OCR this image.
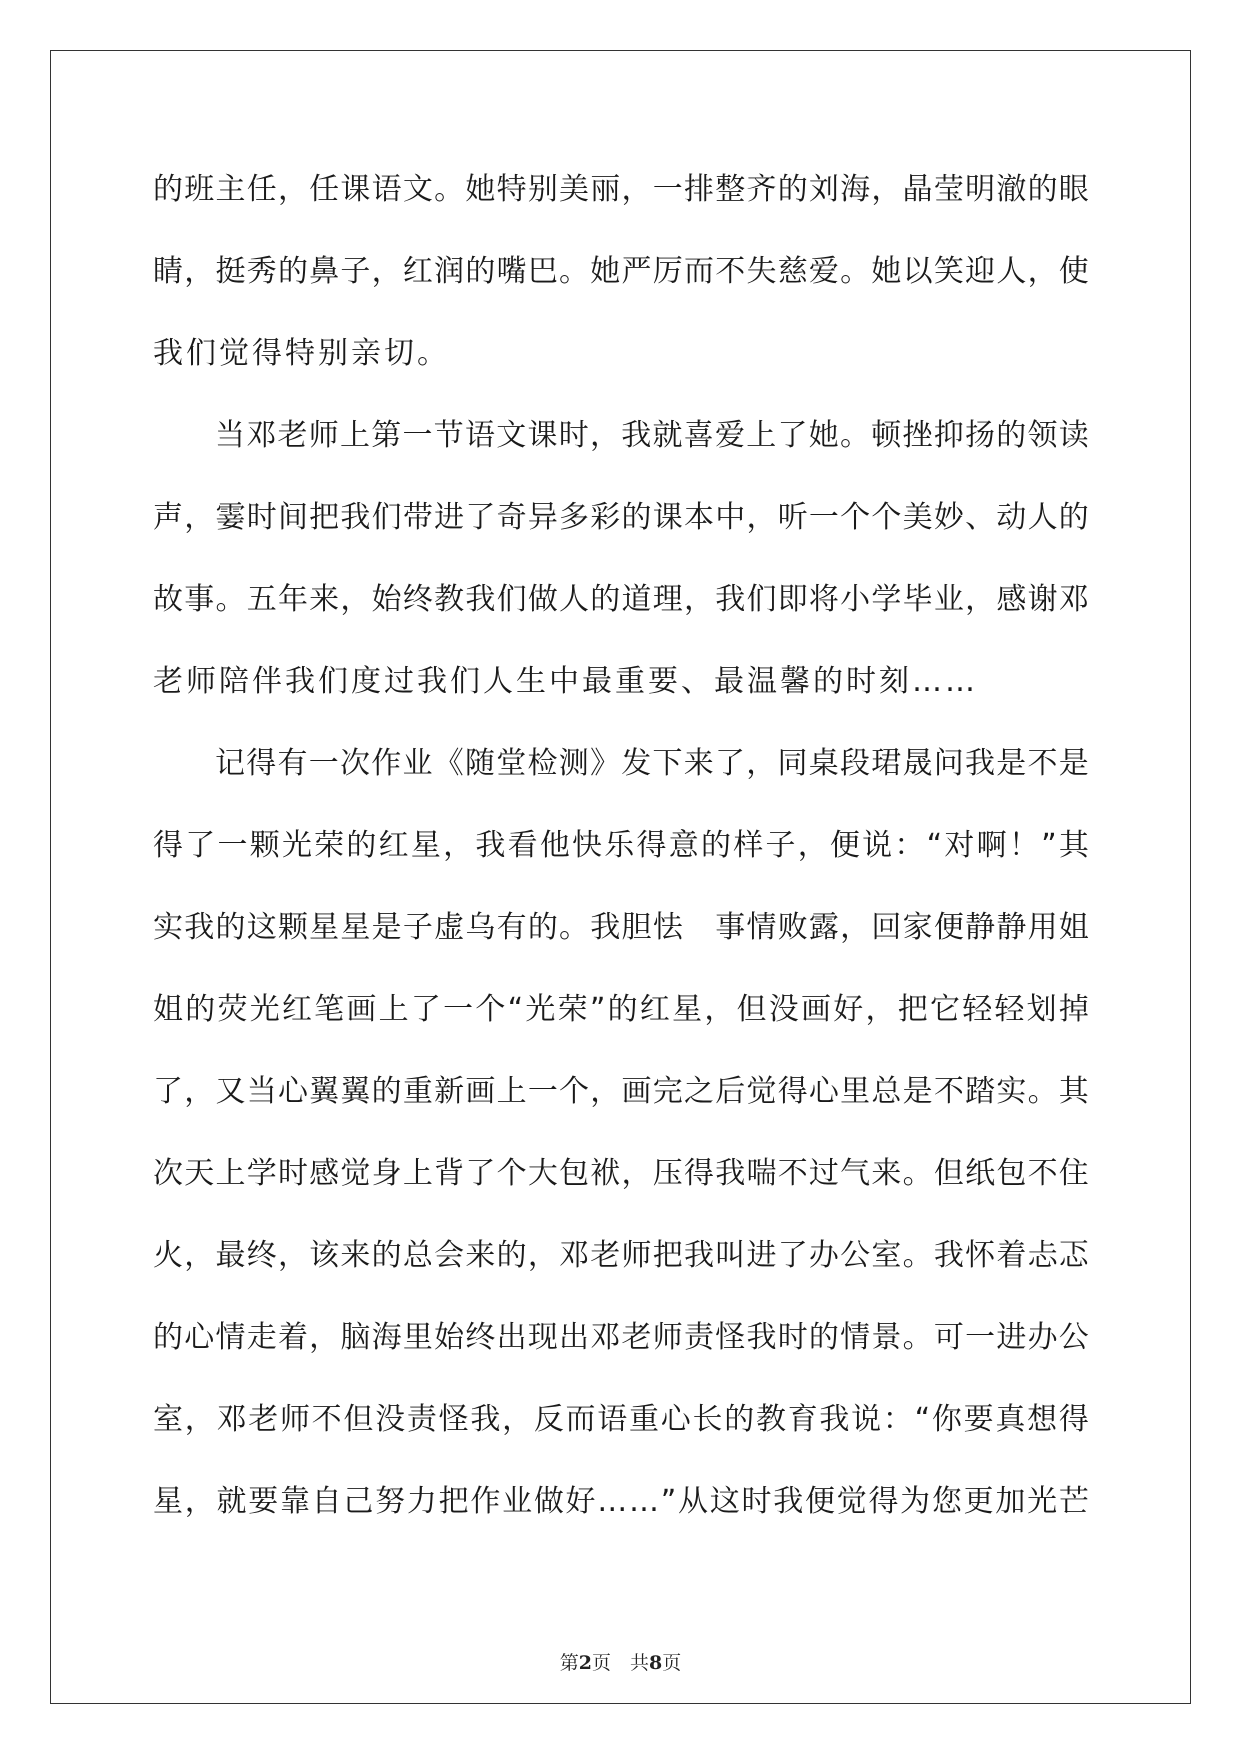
的 班 主 任 ， 任 课 语 文 。 她 特 别 美 丽 ， 一 排 整 齐 的 刘 海 ， 晶 莹 明 澈 的 眼
睛 ， 挺 秀 的 鼻 子 ， 红 润 的 嘴 巴 。 她 严 厉 而 不 失 慈 爱 。 她 以 笑 迎 人 ， 使
我们觉得特别亲切。
当 邓 老 师 上 第 一 节 语 文 课 时 ， 我 就 喜 爱 上 了 她 。 顿 挫 抑 扬 的 领 读
声 ， 霎 时 间 把 我 们 带 进 了 奇 异 多 彩 的 课 本 中 ， 听 一 个 个 美 妙 、 动 人 的
故 事 。 五 年 来 ， 始 终 教 我 们 做 人 的 道 理 ， 我 们 即 将 小 学 毕 业 ， 感 谢 邓
老师陪伴我们度过我们人生中最重要、最温馨的时刻……
记 得 有 一 次 作 业 《 随 堂 检 测 》 发 下 来 了 ， 同 桌 段 珺 晟 问 我 是 不 是
得 了 一 颗 光 荣 的 红 星 ， 我 看 他 快 乐 得 意 的 样 子 ， 便 说 ： “ 对 啊 ！ ” 其
实 我 的 这 颗 星 星 是 子 虚 乌 有 的 。 我 胆 怯
　 事 情 败 露 ， 回 家 便 静 静 用 姐
姐 的 荧 光 红 笔 画 上 了 一 个 “ 光 荣 ” 的 红 星 ， 但 没 画 好 ， 把 它 轻 轻 划 掉
了 ， 又 当 心 翼 翼 的 重 新 画 上 一 个 ， 画 完 之 后 觉 得 心 里 总 是 不 踏 实 。 其
次 天 上 学 时 感 觉 身 上 背 了 个 大 包 袱 ， 压 得 我 喘 不 过 气 来 。 但 纸 包 不 住
火 ， 最 终 ， 该 来 的 总 会 来 的 ， 邓 老 师 把 我 叫 进 了 办 公 室 。 我 怀 着 忐 忑
的 心 情 走 着 ， 脑 海 里 始 终 出 现 出 邓 老 师 责 怪 我 时 的 情 景 。 可 一 进 办 公
室 ， 邓 老 师 不 但 没 责 怪 我 ， 反 而 语 重 心 长 的 教 育 我 说 ： “ 你 要 真 想 得
星 ， 就 要 靠 自 己 努 力 把 作 业 做 好 … … ” 从 这 时 我 便 觉 得 为 您 更 加 光 芒
第2页　共8页
